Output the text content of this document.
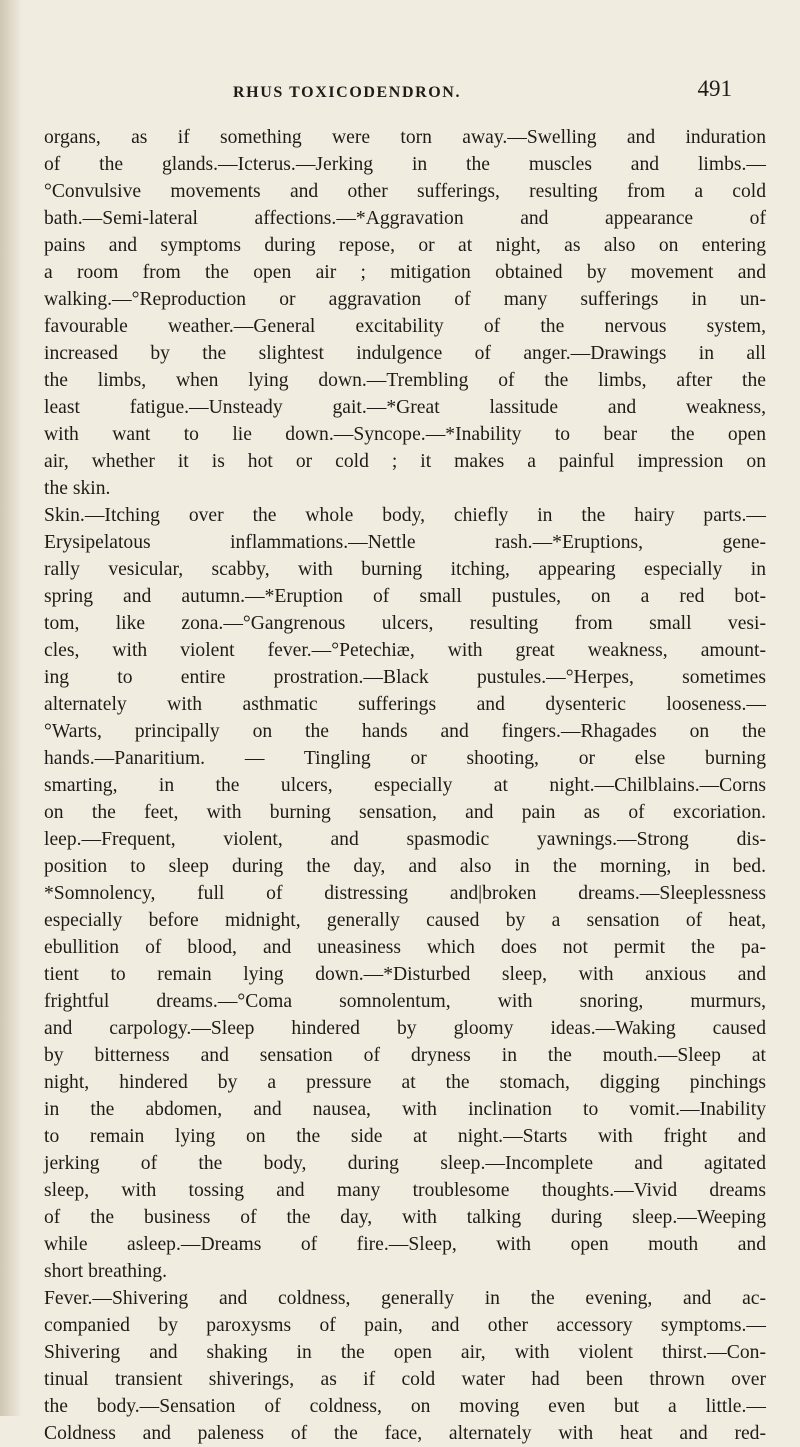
RHUS TOXICODENDRON.	491
organs, as if something were torn away.—Swelling and induration
of the glands.—Icterus.—Jerking in the muscles and limbs.—
°Convulsive movements and other sufferings, resulting from a cold
bath.—Semi-lateral affections.—*Aggravation and appearance of
pains and symptoms during repose, or at night, as also on entering
a room from the open air ; mitigation obtained by movement and
walking.—°Reproduction or aggravation of many sufferings in un-
favourable weather.—General excitability of the nervous system,
increased by the slightest indulgence of anger.—Drawings in all
the limbs, when lying down.—Trembling of the limbs, after the
least fatigue.—Unsteady gait.—*Great lassitude and weakness,
with want to lie down.—Syncope.—*Inability to bear the open
air, whether it is hot or cold ; it makes a painful impression on
the skin.
Skin.—Itching over the whole body, chiefly in the hairy parts.—
Erysipelatous inflammations.—Nettle rash.—*Eruptions, gene-
rally vesicular, scabby, with burning itching, appearing especially in
spring and autumn.—*Eruption of small pustules, on a red bot-
tom, like zona.—°Gangrenous ulcers, resulting from small vesi-
cles, with violent fever.—°Petechiæ, with great weakness, amount-
ing to entire prostration.—Black pustules.—°Herpes, sometimes
alternately with asthmatic sufferings and dysenteric looseness.—
°Warts, principally on the hands and fingers.—Rhagades on the
hands.—Panaritium. — Tingling or shooting, or else burning
smarting, in the ulcers, especially at night.—Chilblains.—Corns
on the feet, with burning sensation, and pain as of excoriation.
leep.—Frequent, violent, and spasmodic yawnings.—Strong dis-
position to sleep during the day, and also in the morning, in bed.
*Somnolency, full of distressing and|broken dreams.—Sleeplessness
especially before midnight, generally caused by a sensation of heat,
ebullition of blood, and uneasiness which does not permit the pa-
tient to remain lying down.—*Disturbed sleep, with anxious and
frightful dreams.—°Coma somnolentum, with snoring, murmurs,
and carpology.—Sleep hindered by gloomy ideas.—Waking caused
by bitterness and sensation of dryness in the mouth.—Sleep at
night, hindered by a pressure at the stomach, digging pinchings
in the abdomen, and nausea, with inclination to vomit.—Inability
to remain lying on the side at night.—Starts with fright and
jerking of the body, during sleep.—Incomplete and agitated
sleep, with tossing and many troublesome thoughts.—Vivid dreams
of the business of the day, with talking during sleep.—Weeping
while asleep.—Dreams of fire.—Sleep, with open mouth and
short breathing.
Fever.—Shivering and coldness, generally in the evening, and ac-
companied by paroxysms of pain, and other accessory symptoms.—
Shivering and shaking in the open air, with violent thirst.—Con-
tinual transient shiverings, as if cold water had been thrown over
the body.—Sensation of coldness, on moving even but a little.—
Coldness and paleness of the face, alternately with heat and red-
